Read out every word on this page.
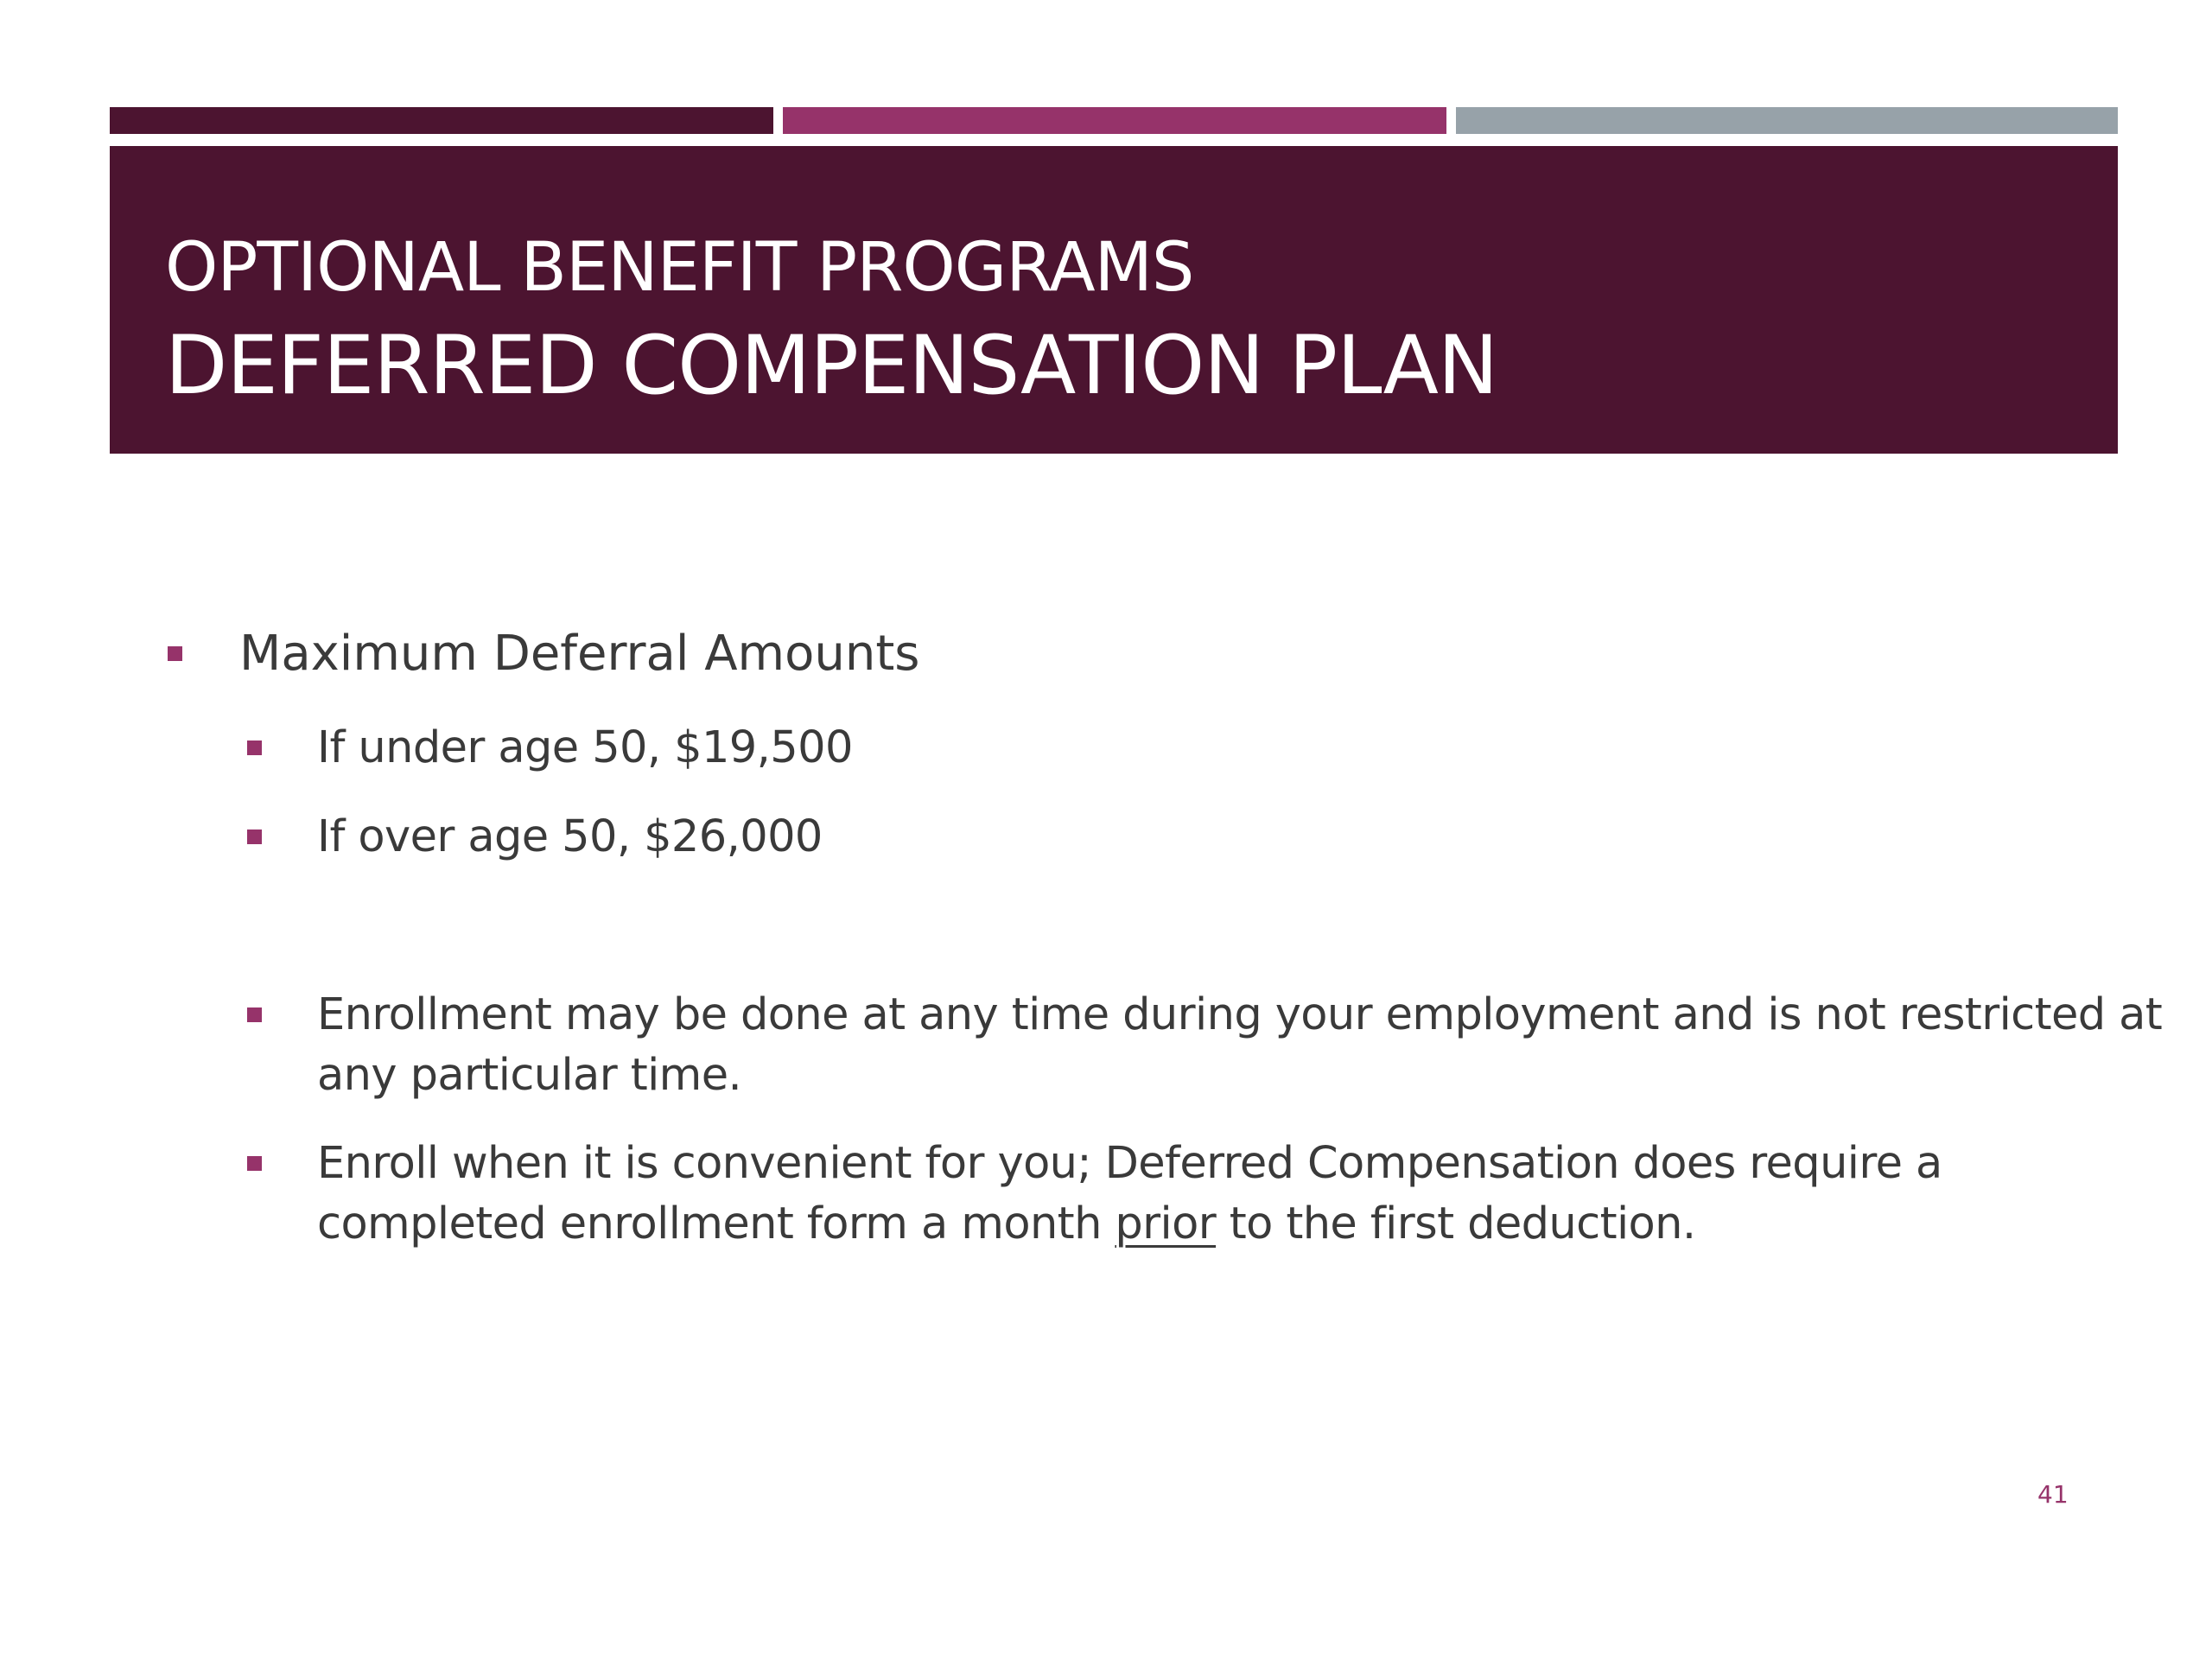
OPTIONAL BENEFIT PROGRAMS
DEFERRED COMPENSATION PLAN
Maximum Deferral Amounts
If under age 50, $19,500
If over age 50, $26,000
Enrollment may be done at any time during your employment and is not restricted at
any particular time.
Enroll when it is convenient for you; Deferred Compensation does require a
completed enrollment form a month prior to the first deduction.
41
